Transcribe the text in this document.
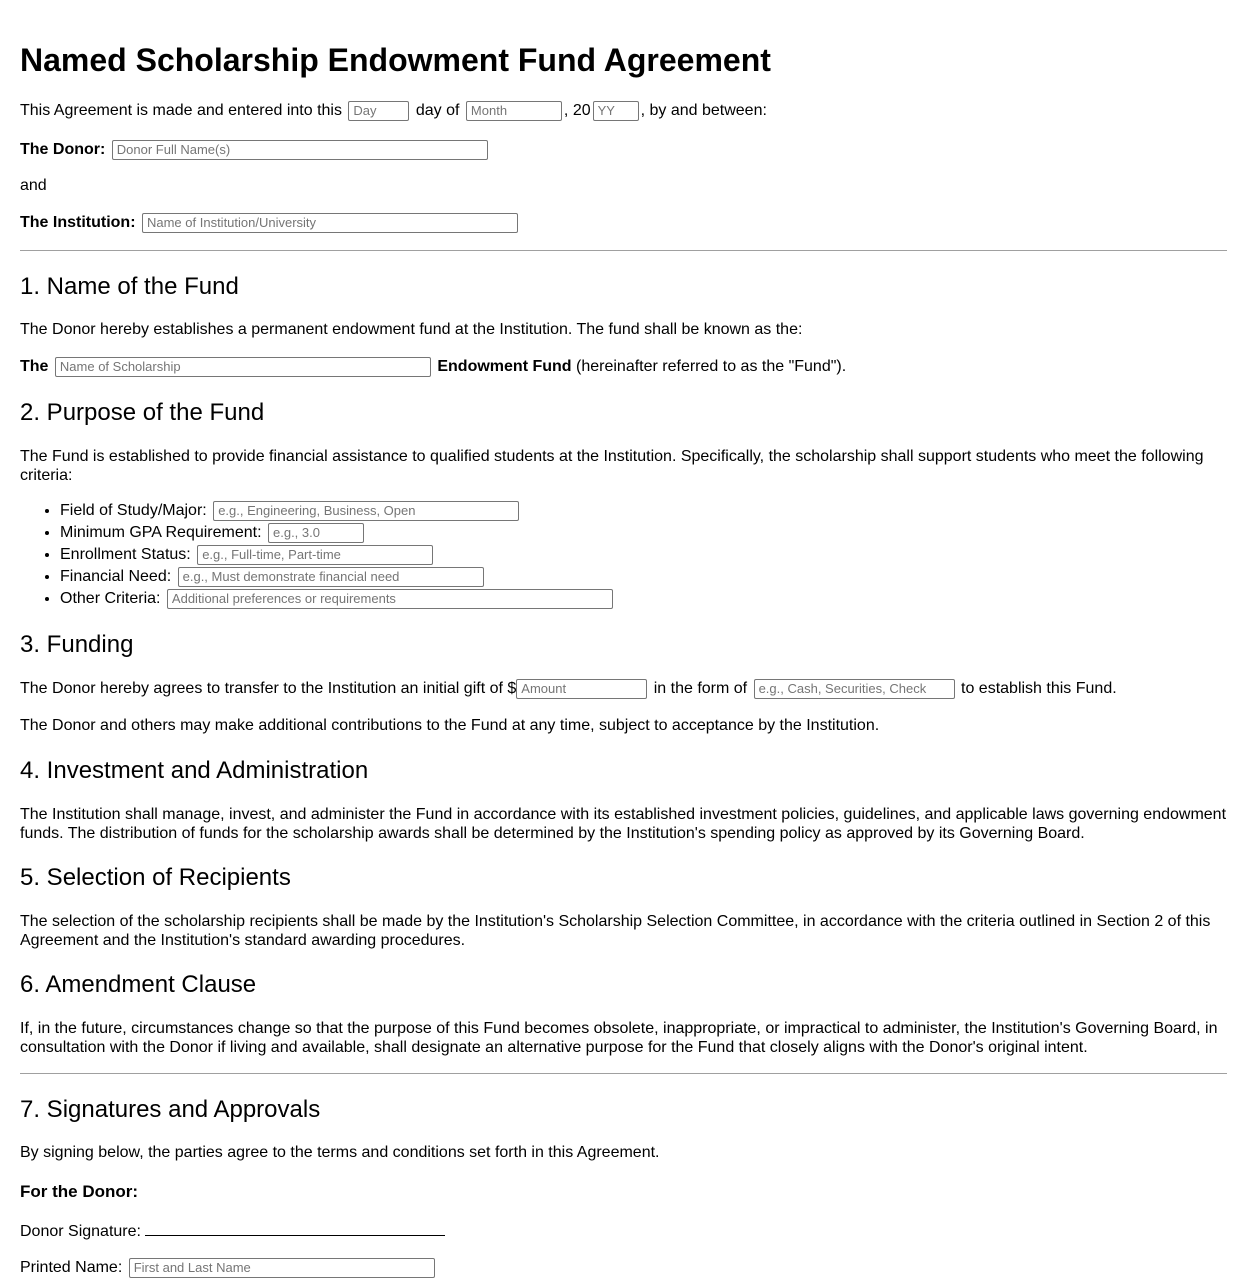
Named Scholarship Endowment Fund Agreement
This Agreement is made and entered into this Day	day of Month	, 20YY	, by and between:
The Donor: Donor Full Name(s)
and
The Institution: Name of Institution/University
1. Name of the Fund
The Donor hereby establishes a permanent endowment fund at the Institution. The fund shall be known as the:
The Name of Scholarship	Endowment Fund (hereinafter referred to as the "Fund").
2. Purpose of the Fund
The Fund is established to provide financial assistance to qualified students at the Institution. Specifically, the scholarship shall support students who meet the following criteria:
• Field of Study/Major: e.g., Engineering, Business, Open
• Minimum GPA Requirement: e.g., 3.0
• Enrollment Status: e.g., Full-time, Part-time
• Financial Need: e.g., Must demonstrate financial need
• Other Criteria: Additional preferences or requirements
3. Funding
The Donor hereby agrees to transfer to the Institution an initial gift of $Amount	in the form of e.g., Cash, Securities, Check	to establish this Fund.
The Donor and others may make additional contributions to the Fund at any time, subject to acceptance by the Institution.
4. Investment and Administration
The Institution shall manage, invest, and administer the Fund in accordance with its established investment policies, guidelines, and applicable laws governing endowment funds. The distribution of funds for the scholarship awards shall be determined by the Institution's spending policy as approved by its Governing Board.
5. Selection of Recipients
The selection of the scholarship recipients shall be made by the Institution's Scholarship Selection Committee, in accordance with the criteria outlined in Section 2 of this Agreement and the Institution's standard awarding procedures.
6. Amendment Clause
If, in the future, circumstances change so that the purpose of this Fund becomes obsolete, inappropriate, or impractical to administer, the Institution's Governing Board, in consultation with the Donor if living and available, shall designate an alternative purpose for the Fund that closely aligns with the Donor's original intent.
7. Signatures and Approvals
By signing below, the parties agree to the terms and conditions set forth in this Agreement.
For the Donor:
Donor Signature:
Printed Name: First and Last Name
